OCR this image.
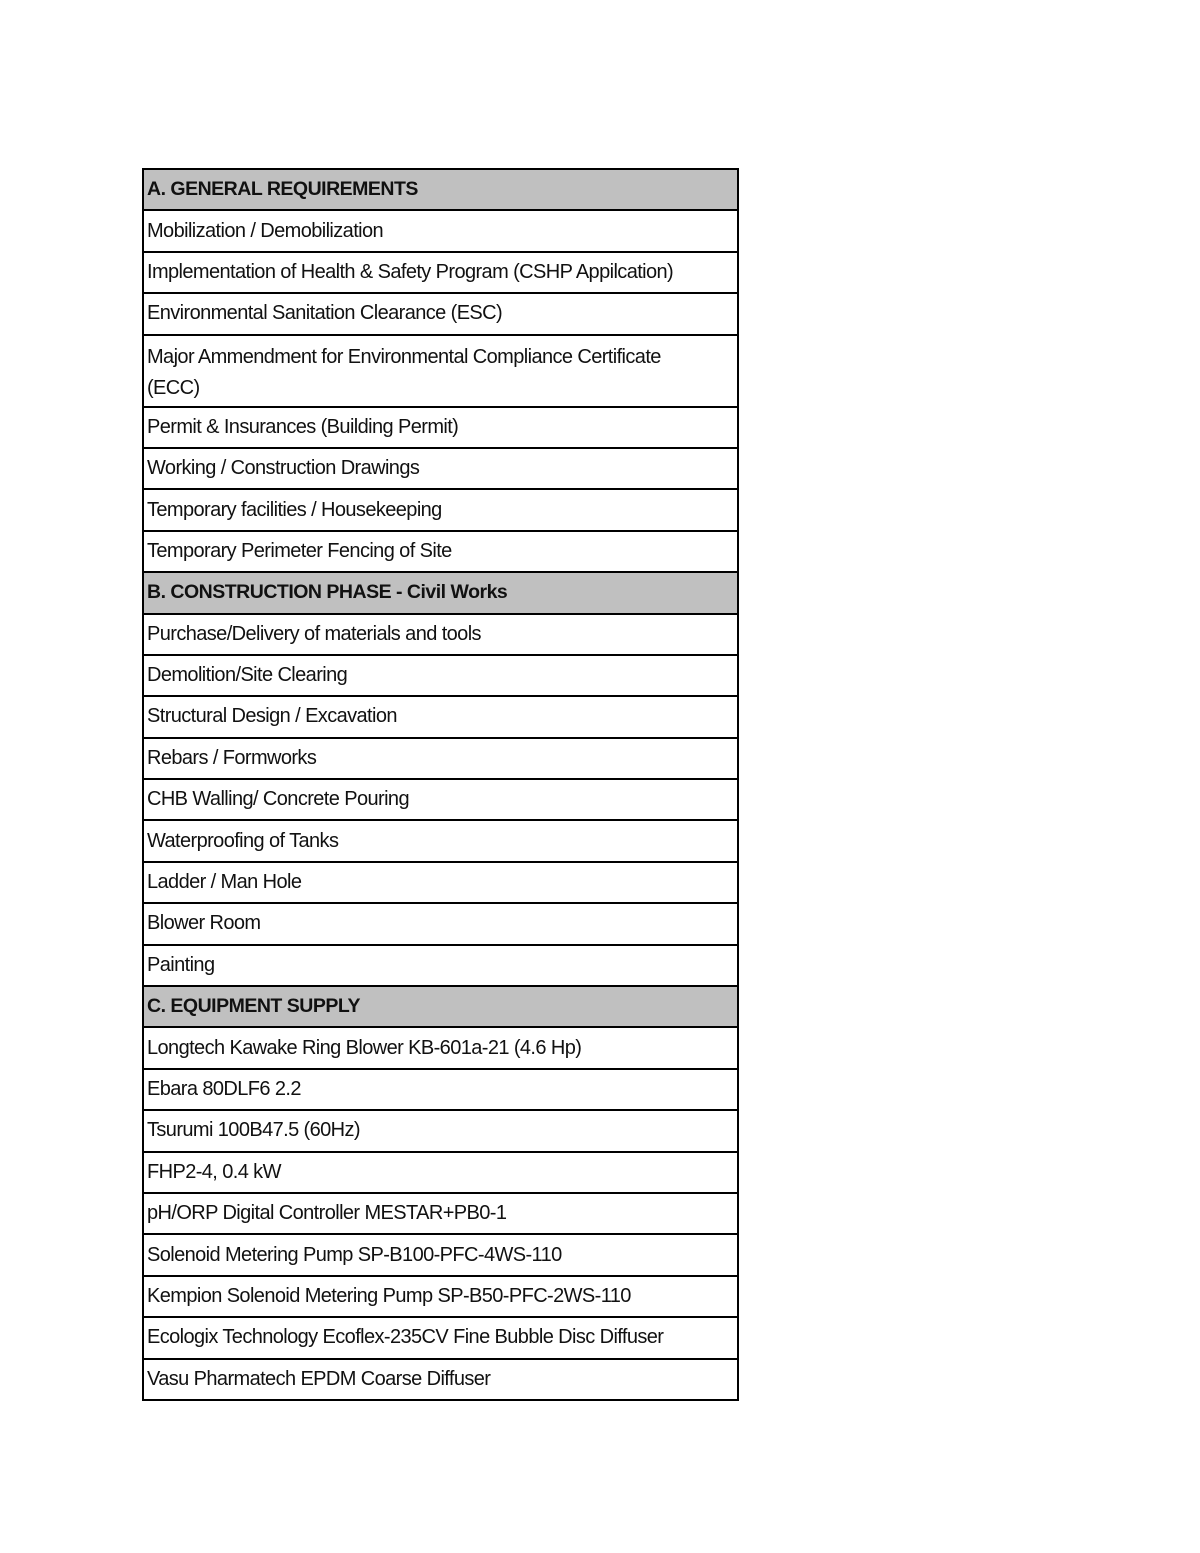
A. GENERAL REQUIREMENTS
Mobilization / Demobilization
Implementation of Health & Safety Program (CSHP Appilcation)
Environmental Sanitation Clearance (ESC)
Major Ammendment for Environmental Compliance Certificate (ECC)
Permit & Insurances (Building Permit)
Working / Construction Drawings
Temporary facilities / Housekeeping
Temporary Perimeter Fencing of Site
B. CONSTRUCTION PHASE - Civil Works
Purchase/Delivery of materials and tools
Demolition/Site Clearing
Structural Design / Excavation
Rebars / Formworks
CHB Walling/ Concrete Pouring
Waterproofing of Tanks
Ladder / Man Hole
Blower Room
Painting
C. EQUIPMENT SUPPLY
Longtech Kawake Ring Blower KB-601a-21 (4.6 Hp)
Ebara 80DLF6 2.2
Tsurumi 100B47.5 (60Hz)
FHP2-4, 0.4 kW
pH/ORP Digital Controller MESTAR+PB0-1
Solenoid Metering Pump SP-B100-PFC-4WS-110
Kempion Solenoid Metering Pump SP-B50-PFC-2WS-110
Ecologix Technology Ecoflex-235CV Fine Bubble Disc Diffuser
Vasu Pharmatech EPDM Coarse Diffuser
